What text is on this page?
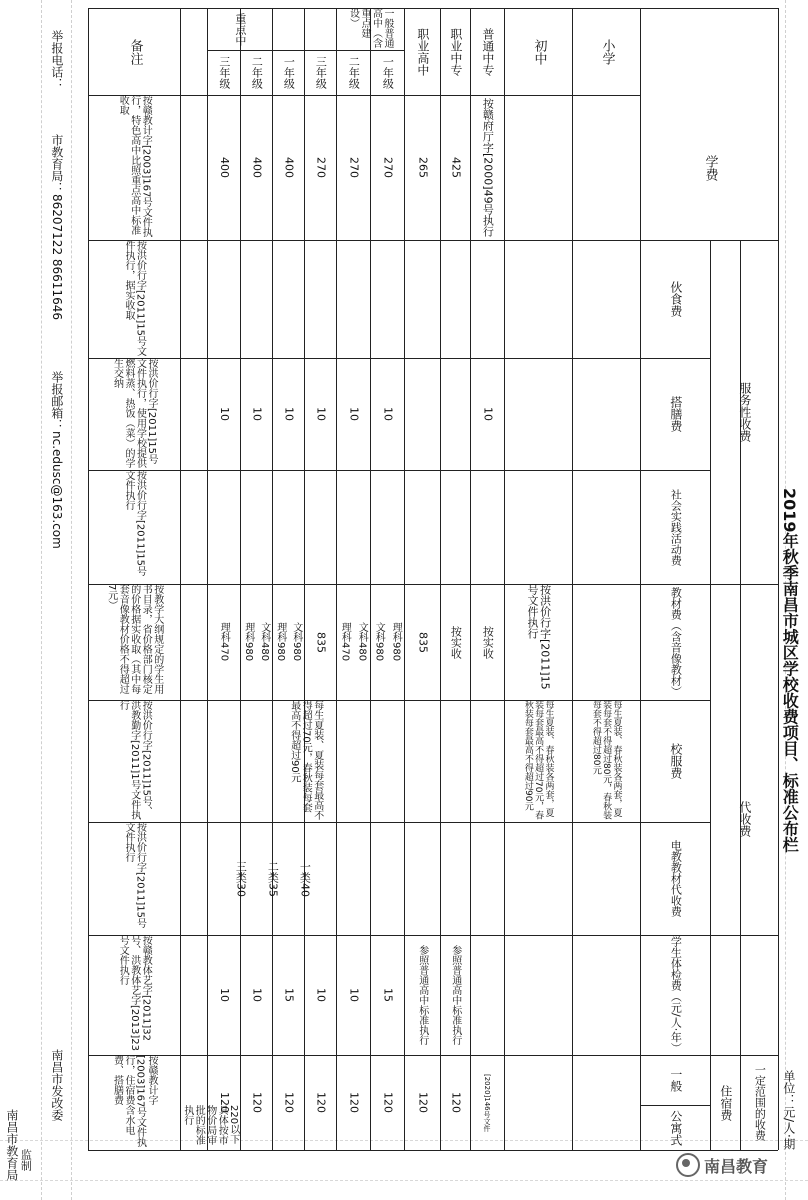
2019年秋季南昌市城区学校收费项目、标准公布栏
单位：元/人·期
学费
服务性收费
伙食费
搭膳费
社会实践活动费
代收费
教材费（含音像教材）
校服费
电教教材代收费
学生体检费（元/人·年）
一定范围的收费
住宿费
一般
公寓式
小学
初中
普通中专
职业中专
职业高中
一般普通高中（含重点建设）
一年级
二年级
三年级
重点中
一年级
二年级
三年级
备注
按赣府厅字[2000]49号执行
425
265
270
270
270
400
400
400
10
10
10
10
10
10
10
按洪价行字[2011]15号文件执行
按实收
按实收
835
文科980 理科980
理科470 文科480
835
理科980 文科980
理科980 文科480
理科470
每生夏装、春秋装各两套，夏装每套不得超过80元，春秋装每套不得超过80元
每生夏装、春秋装各两套，夏装每套最高不得超过70元，春秋装每套最高不得超过90元
每生夏装、夏装每套最高不得超过70元，春秋装每套最高不得超过90元
一类40
二类35
三类30
参照普通高中标准执行
参照普通高中标准执行
15
10
10
15
10
10
[2020]146号文件
120
120
120
120
120
120
120
120
220以下具体按市物价局审批的标准执行
按赣教计字[2003]167号文件执行，特色高中比照重点高中标准收取
按洪价行字[2011]15号文件执行，据实收取
按洪价行字[2011]15号文件执行，使用学校提供燃料蒸、热饭（菜）的学生交纳
按洪价行字[2011]15号文件执行
按教学大纲规定的学生用书目录，省价格部门核定的价格据实收取（其中每套音像教材价格不得超过7元）
按洪价行字[2011]15号、洪教勤字[2011]1号文件执行
按洪价行字[2011]15号文件执行
按赣教体艺字[2011]32号、洪教体艺字[2013]23号文件执行
按赣教计字[2003]167号文件执行，住宿费含水电费、搭膳费
举报电话：
市教育局：86207122 86611646
举报邮箱：nc.edusc@163.com
南昌市发改委
监制
南昌市教育局	南昌教育
